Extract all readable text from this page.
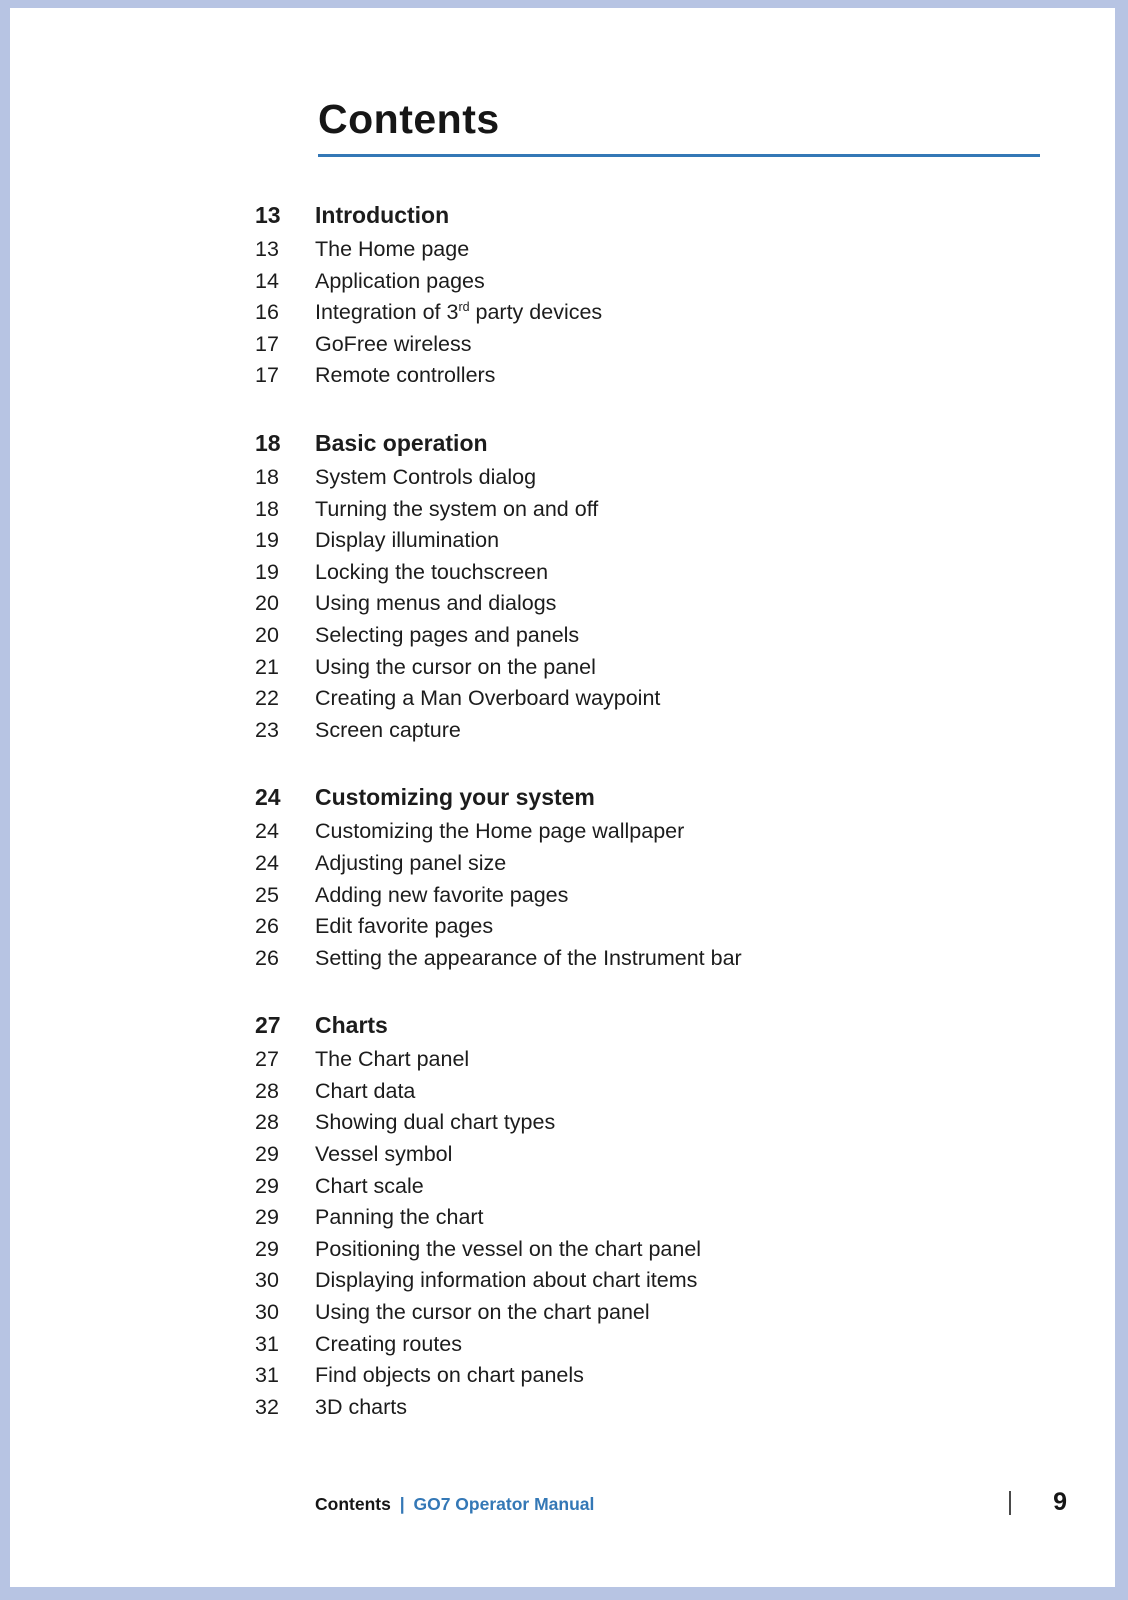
Contents
13	Introduction
13	The Home page
14	Application pages
16	Integration of 3rd party devices
17	GoFree wireless
17	Remote controllers
18	Basic operation
18	System Controls dialog
18	Turning the system on and off
19	Display illumination
19	Locking the touchscreen
20	Using menus and dialogs
20	Selecting pages and panels
21	Using the cursor on the panel
22	Creating a Man Overboard waypoint
23	Screen capture
24	Customizing your system
24	Customizing the Home page wallpaper
24	Adjusting panel size
25	Adding new favorite pages
26	Edit favorite pages
26	Setting the appearance of the Instrument bar
27	Charts
27	The Chart panel
28	Chart data
28	Showing dual chart types
29	Vessel symbol
29	Chart scale
29	Panning the chart
29	Positioning the vessel on the chart panel
30	Displaying information about chart items
30	Using the cursor on the chart panel
31	Creating routes
31	Find objects on chart panels
32	3D charts
Contents | GO7 Operator Manual	9
